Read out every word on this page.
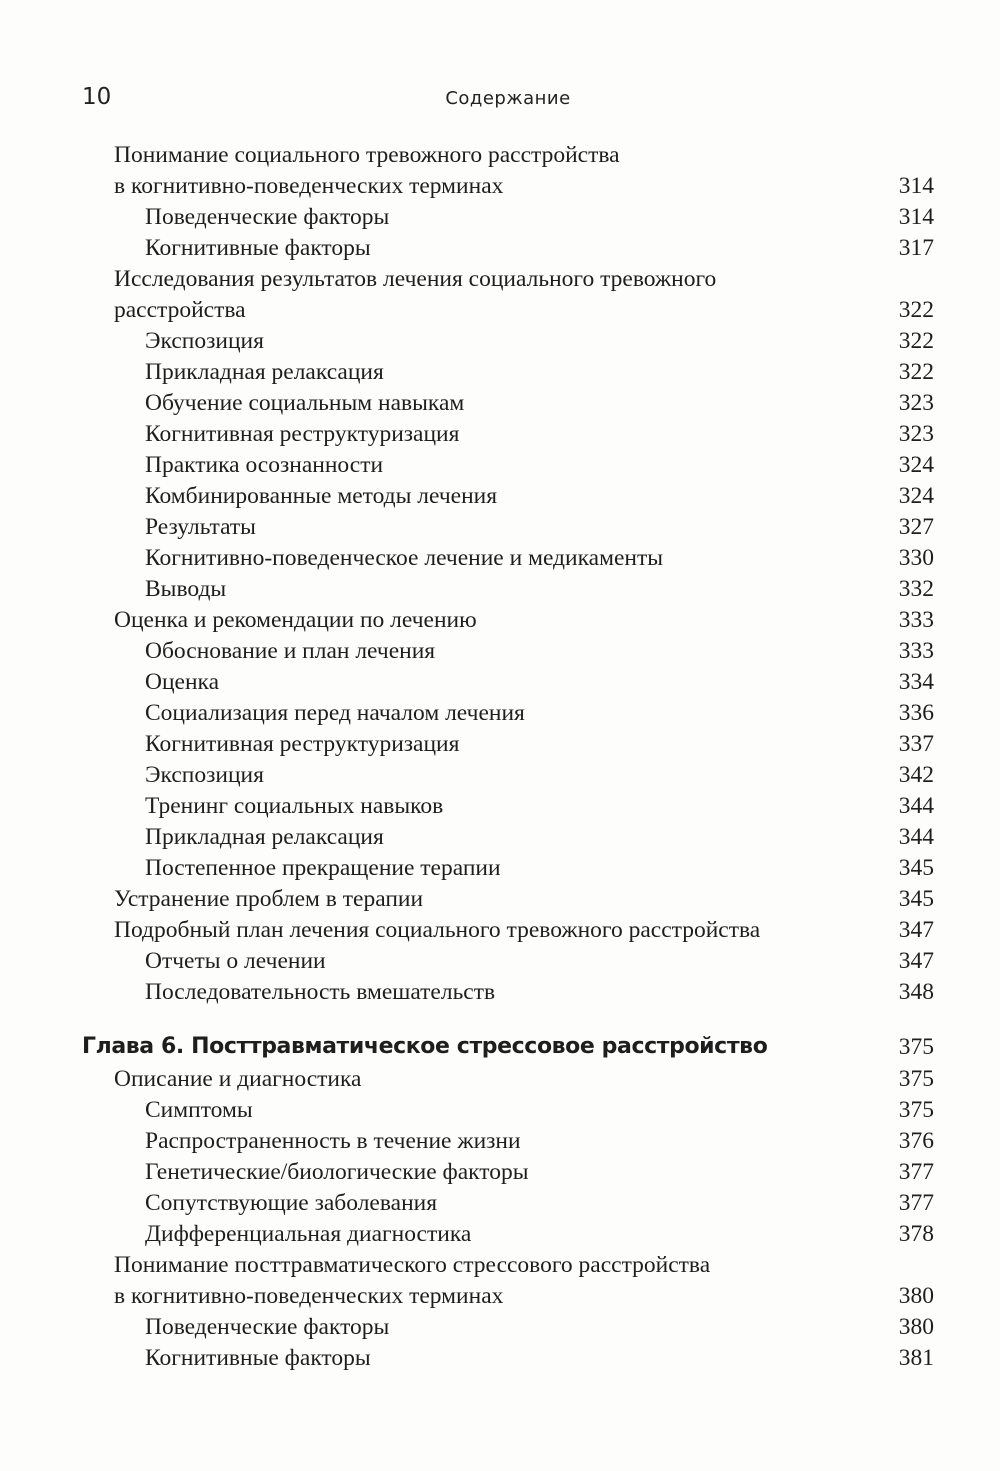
10	Содержание
Понимание социального тревожного расстройства
в когнитивно-поведенческих терминах	314
Поведенческие факторы	314
Когнитивные факторы	317
Исследования результатов лечения социального тревожного
расстройства	322
Экспозиция	322
Прикладная релаксация	322
Обучение социальным навыкам	323
Когнитивная реструктуризация	323
Практика осознанности	324
Комбинированные методы лечения	324
Результаты	327
Когнитивно-поведенческое лечение и медикаменты	330
Выводы	332
Оценка и рекомендации по лечению	333
Обоснование и план лечения	333
Оценка	334
Социализация перед началом лечения	336
Когнитивная реструктуризация	337
Экспозиция	342
Тренинг социальных навыков	344
Прикладная релаксация	344
Постепенное прекращение терапии	345
Устранение проблем в терапии	345
Подробный план лечения социального тревожного расстройства	347
Отчеты о лечении	347
Последовательность вмешательств	348
Глава 6. Посттравматическое стрессовое расстройство	375
Описание и диагностика	375
Симптомы	375
Распространенность в течение жизни	376
Генетические/биологические факторы	377
Сопутствующие заболевания	377
Дифференциальная диагностика	378
Понимание посттравматического стрессового расстройства
в когнитивно-поведенческих терминах	380
Поведенческие факторы	380
Когнитивные факторы	381
